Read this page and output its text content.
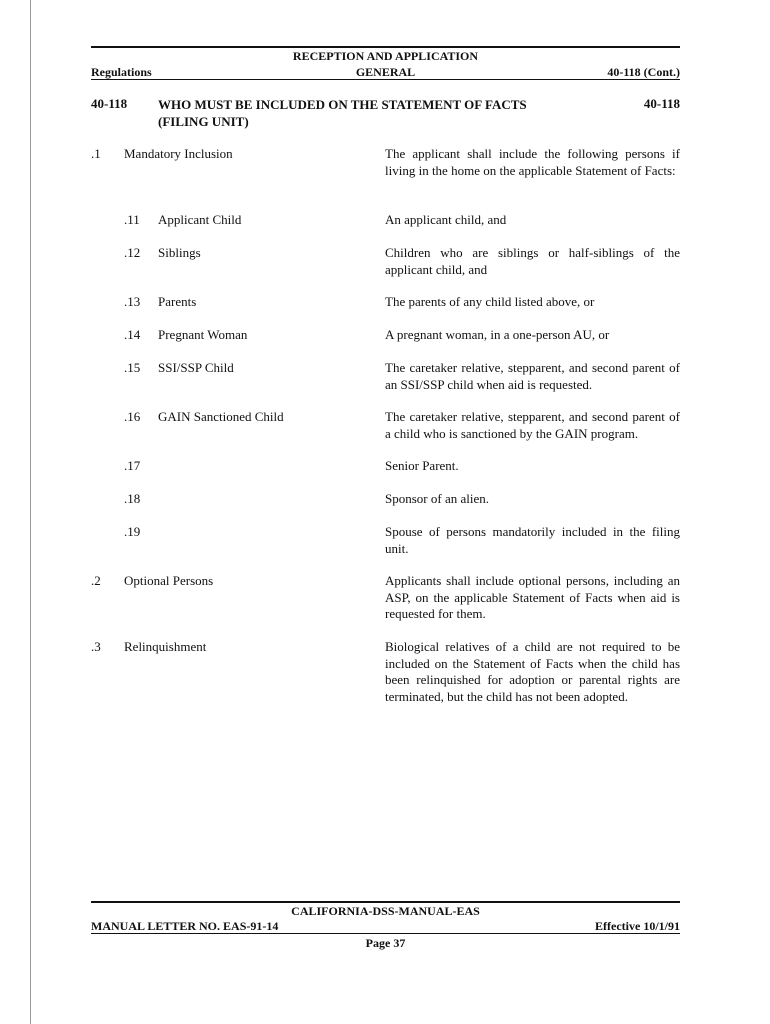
RECEPTION AND APPLICATION
Regulations	GENERAL	40-118 (Cont.)
40-118 WHO MUST BE INCLUDED ON THE STATEMENT OF FACTS
(FILING UNIT)
40-118
.1 Mandatory Inclusion	The applicant shall include the following persons if living in the home on the applicable Statement of Facts:
.11 Applicant Child	An applicant child, and
.12 Siblings	Children who are siblings or half-siblings of the applicant child, and
.13 Parents	The parents of any child listed above, or
.14 Pregnant Woman	A pregnant woman, in a one-person AU, or
.15 SSI/SSP Child	The caretaker relative, stepparent, and second parent of an SSI/SSP child when aid is requested.
.16 GAIN Sanctioned Child	The caretaker relative, stepparent, and second parent of a child who is sanctioned by the GAIN program.
.17	Senior Parent.
.18	Sponsor of an alien.
.19	Spouse of persons mandatorily included in the filing unit.
.2 Optional Persons	Applicants shall include optional persons, including an ASP, on the applicable Statement of Facts when aid is requested for them.
.3 Relinquishment	Biological relatives of a child are not required to be included on the Statement of Facts when the child has been relinquished for adoption or parental rights are terminated, but the child has not been adopted.
CALIFORNIA-DSS-MANUAL-EAS
MANUAL LETTER NO. EAS-91-14	Effective 10/1/91
Page 37
